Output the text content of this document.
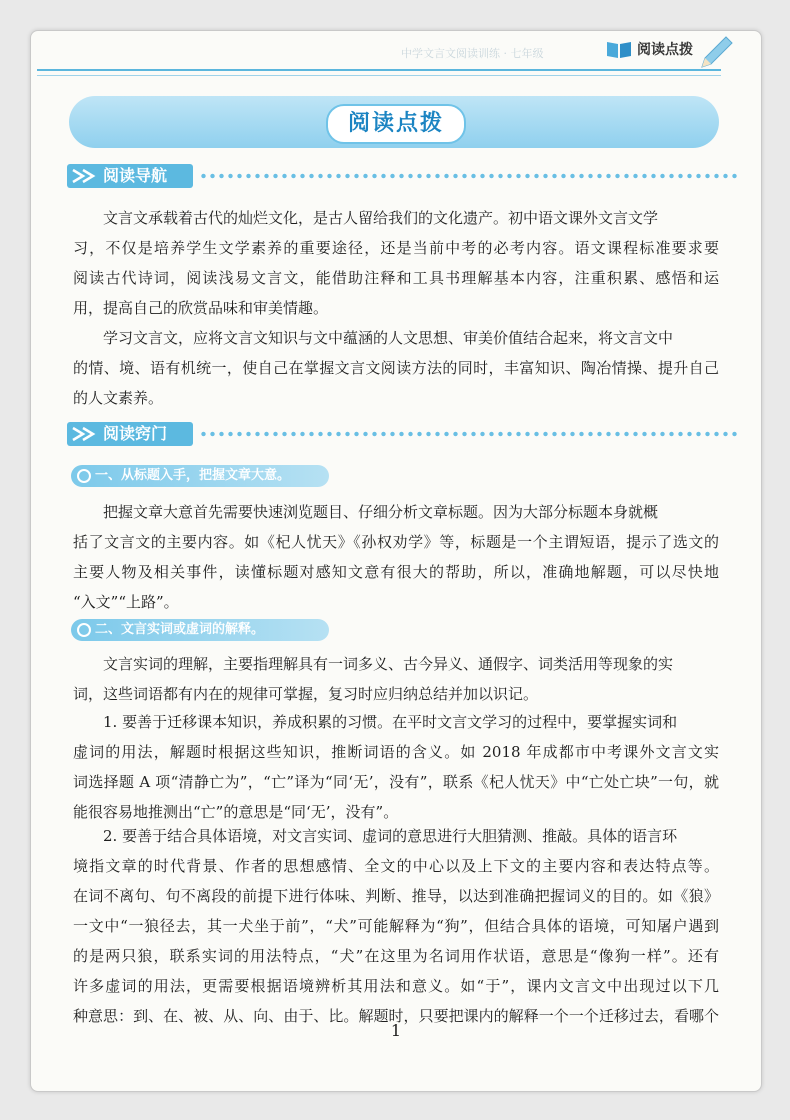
中学文言文阅读训练 · 七年级	阅读点拨
阅读点拨
阅读导航
文言文承载着古代的灿烂文化，是古人留给我们的文化遗产。初中语文课外文言文学
习，不仅是培养学生文学素养的重要途径，还是当前中考的必考内容。语文课程标准要求要
阅读古代诗词，阅读浅易文言文，能借助注释和工具书理解基本内容，注重积累、感悟和运
用，提高自己的欣赏品味和审美情趣。
学习文言文，应将文言文知识与文中蕴涵的人文思想、审美价值结合起来，将文言文中
的情、境、语有机统一，使自己在掌握文言文阅读方法的同时，丰富知识、陶冶情操、提升自己
的人文素养。
阅读窍门
一、从标题入手，把握文章大意。
把握文章大意首先需要快速浏览题目、仔细分析文章标题。因为大部分标题本身就概
括了文言文的主要内容。如《杞人忧天》《孙权劝学》等，标题是一个主谓短语，提示了选文的
主要人物及相关事件，读懂标题对感知文意有很大的帮助，所以，准确地解题，可以尽快地
“入文”“上路”。
二、文言实词或虚词的解释。
文言实词的理解，主要指理解具有一词多义、古今异义、通假字、词类活用等现象的实
词，这些词语都有内在的规律可掌握，复习时应归纳总结并加以识记。
1. 要善于迁移课本知识，养成积累的习惯。在平时文言文学习的过程中，要掌握实词和
虚词的用法，解题时根据这些知识，推断词语的含义。如 2018 年成都市中考课外文言文实
词选择题 A 项“清静亡为”，“亡”译为“同‘无’，没有”，联系《杞人忧天》中“亡处亡块”一句，就
能很容易地推测出“亡”的意思是“同‘无’，没有”。
2. 要善于结合具体语境，对文言实词、虚词的意思进行大胆猜测、推敲。具体的语言环
境指文章的时代背景、作者的思想感情、全文的中心以及上下文的主要内容和表达特点等。
在词不离句、句不离段的前提下进行体味、判断、推导，以达到准确把握词义的目的。如《狼》
一文中“一狼径去，其一犬坐于前”，“犬”可能解释为“狗”，但结合具体的语境，可知屠户遇到
的是两只狼，联系实词的用法特点，“犬”在这里为名词用作状语，意思是“像狗一样”。还有
许多虚词的用法，更需要根据语境辨析其用法和意义。如“于”，课内文言文中出现过以下几
种意思：到、在、被、从、向、由于、比。解题时，只要把课内的解释一个一个迁移过去，看哪个
1
